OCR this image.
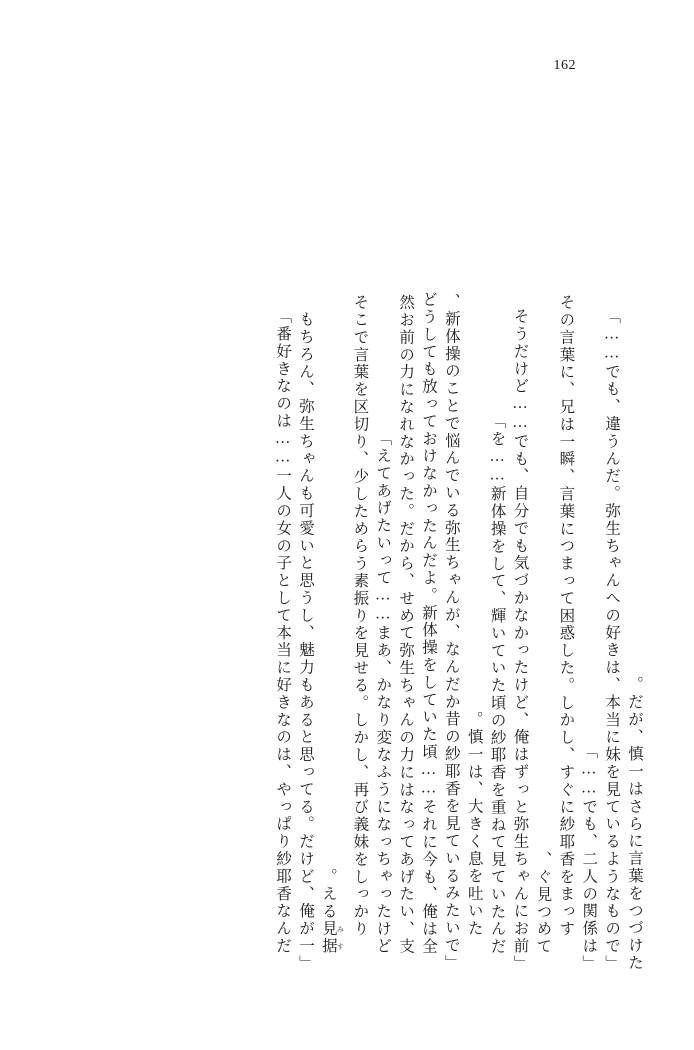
162
だが、慎一はさらに言葉をつづけた。
「でも、違うんだ。弥生ちゃんへの好きは、本当に妹を見ているようなもので……」
「でも、二人の関係は……」
　その言葉に、兄は一瞬、言葉につまって困惑した。しかし、すぐに紗耶香をまっす
ぐ見つめて、
「そうだけど……でも、自分でも気づかなかったけど、俺はずっと弥生ちゃんにお前
を……新体操をして、輝いていた頃の紗耶香を重ねて見ていたんだ」
　慎一は、大きく息を吐いた。
「新体操のことで悩んでいる弥生ちゃんが、なんだか昔の紗耶香を見ているみたいで、
どうしても放っておけなかったんだよ。新体操をしていた頃……それに今も、俺は全
然お前の力になれなかった。だから、せめて弥生ちゃんの力にはなってあげたい、支
えてあげたいって……まあ、かなり変なふうになっちゃったけど」
　そこで言葉を区切り、少しためらう素振りを見せる。しかし、再び義妹をしっかり
見据 みすえる。
「もちろん、弥生ちゃんも可愛いと思うし、魅力もあると思ってる。だけど、俺が一
番好きなのは……一人の女の子として本当に好きなのは、やっぱり紗耶香なんだ」
